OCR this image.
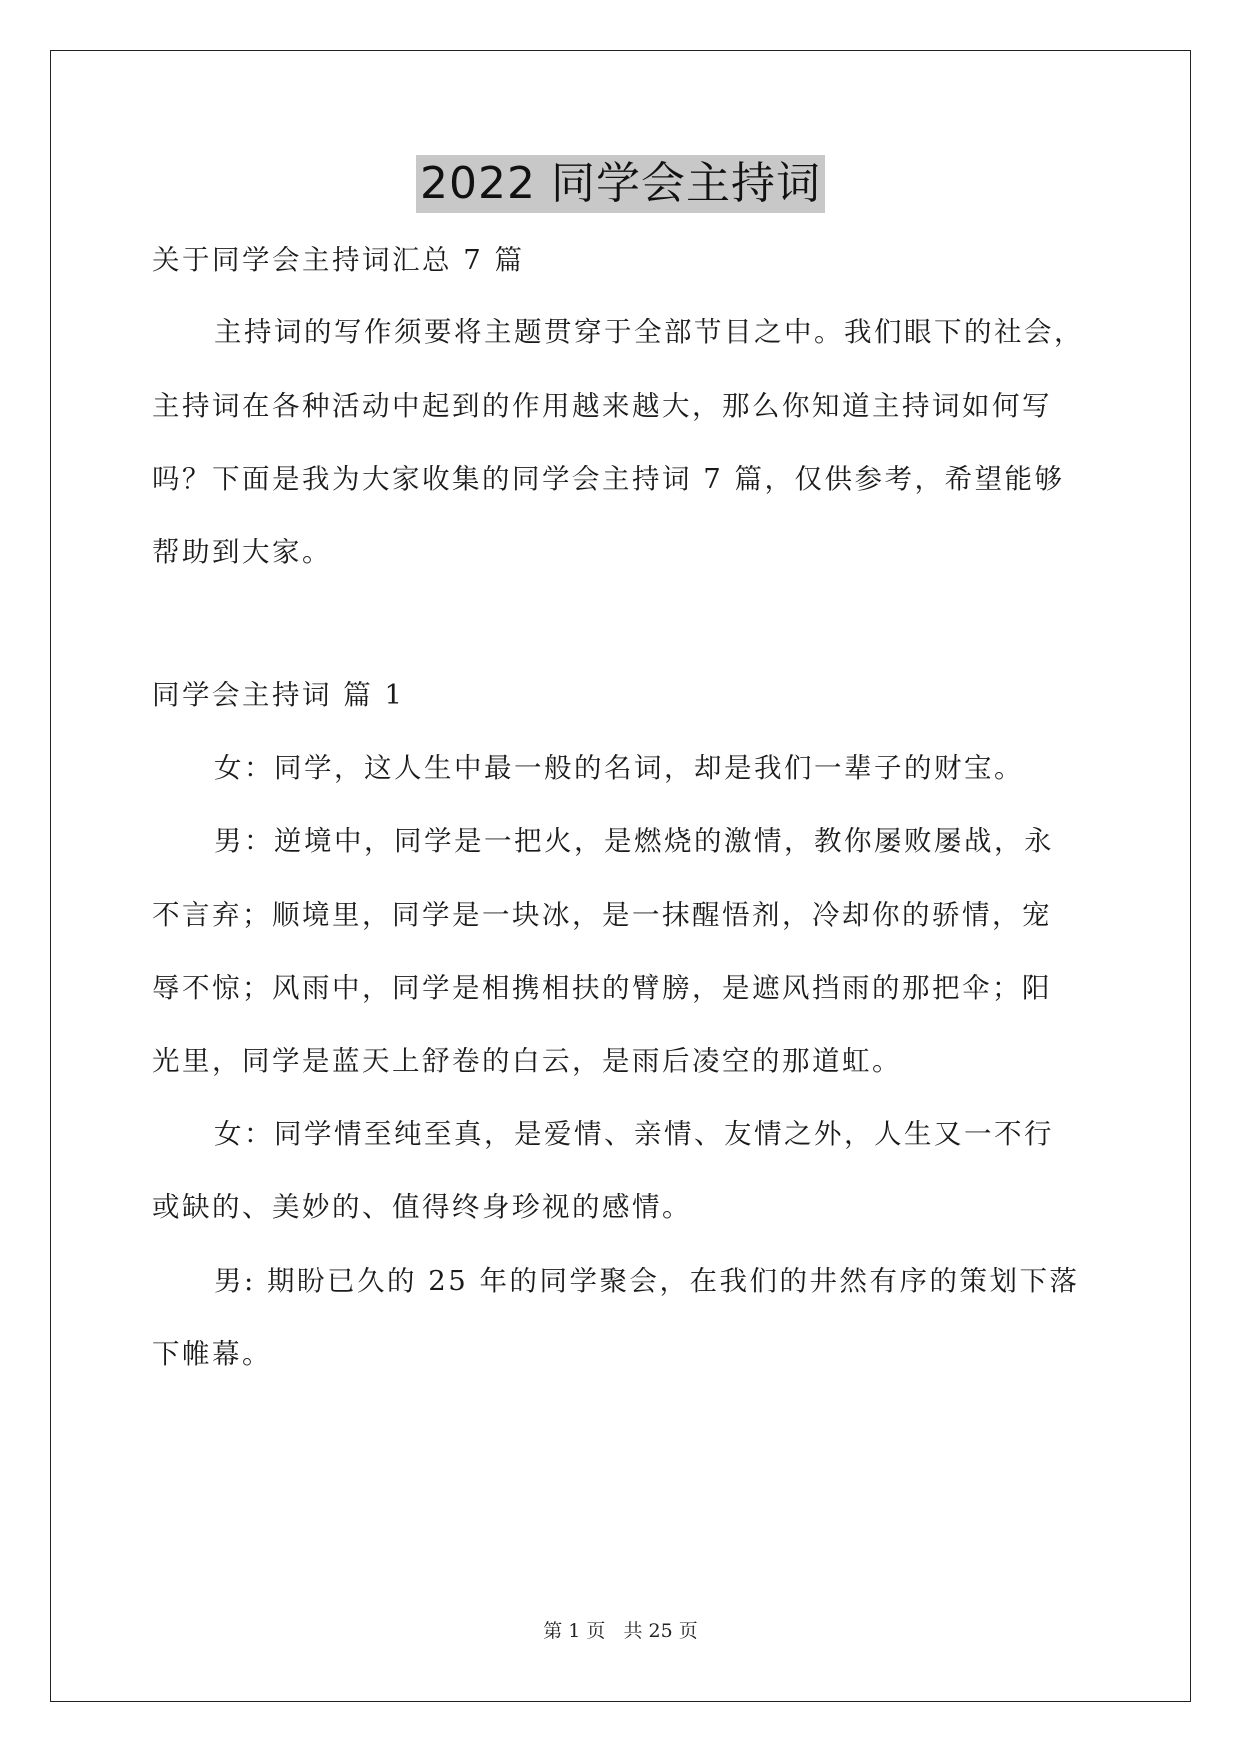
2022 同学会主持词
关于同学会主持词汇总 7 篇
主持词的写作须要将主题贯穿于全部节目之中。我们眼下的社会，
主持词在各种活动中起到的作用越来越大，那么你知道主持词如何写
吗？下面是我为大家收集的同学会主持词 7 篇，仅供参考，希望能够
帮助到大家。
同学会主持词 篇 1
女：同学，这人生中最一般的名词，却是我们一辈子的财宝。
男：逆境中，同学是一把火，是燃烧的激情，教你屡败屡战，永
不言弃；顺境里，同学是一块冰，是一抹醒悟剂，冷却你的骄情，宠
辱不惊；风雨中，同学是相携相扶的臂膀，是遮风挡雨的那把伞；阳
光里，同学是蓝天上舒卷的白云，是雨后凌空的那道虹。
女：同学情至纯至真，是爱情、亲情、友情之外，人生又一不行
或缺的、美妙的、值得终身珍视的感情。
男: 期盼已久的 25 年的同学聚会，在我们的井然有序的策划下落
下帷幕。
第 1 页 共 25 页
